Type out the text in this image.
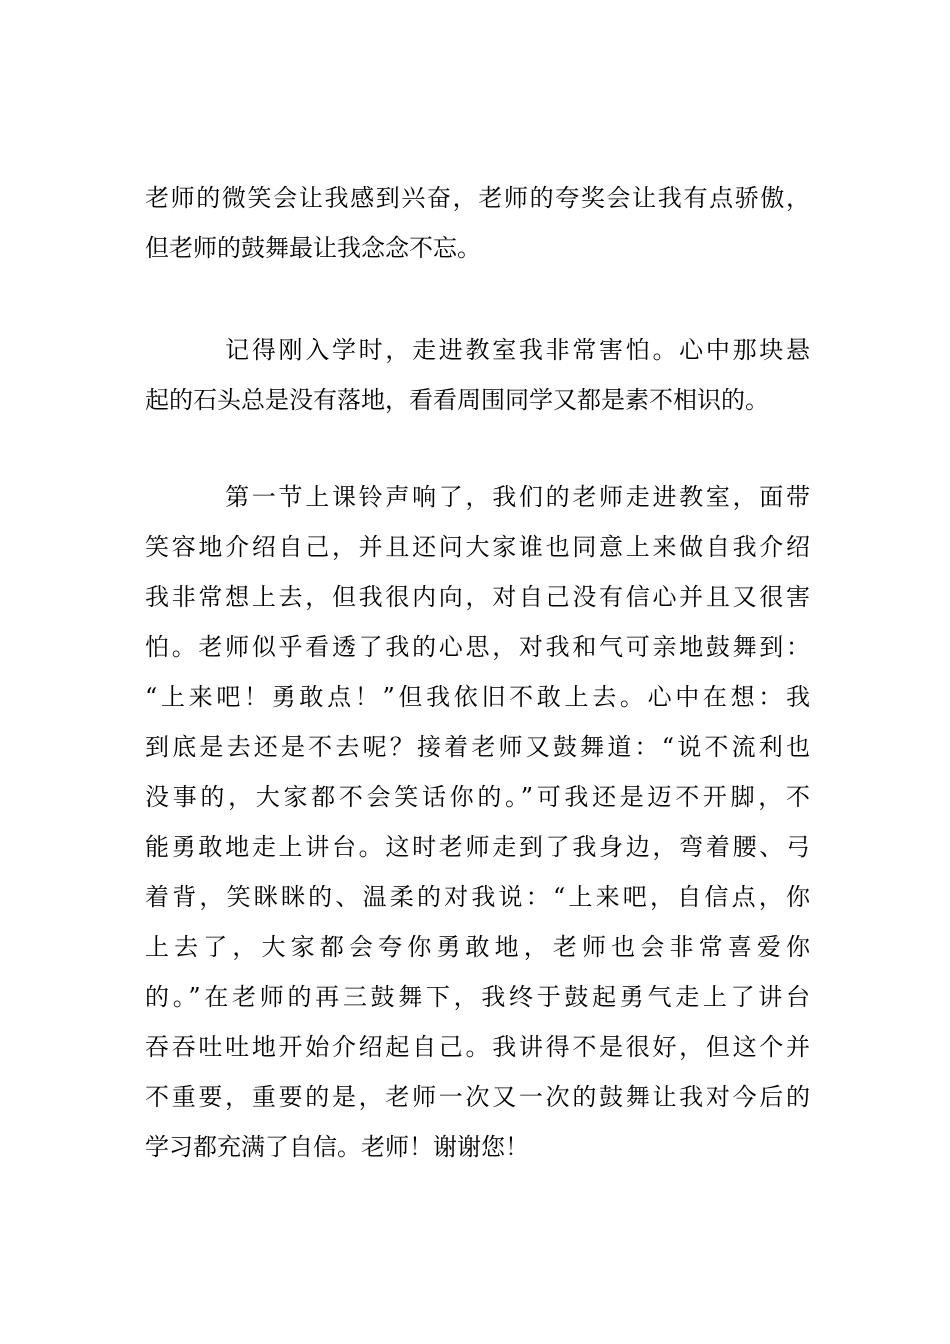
老师的微笑会让我感到兴奋，老师的夸奖会让我有点骄傲，

但老师的鼓舞最让我念念不忘。

　　　记得刚入学时，走进教室我非常害怕。心中那块悬

起的石头总是没有落地，看看周围同学又都是素不相识的。

　　　第一节上课铃声响了，我们的老师走进教室，面带

笑容地介绍自己，并且还问大家谁也同意上来做自我介绍

我非常想上去，但我很内向，对自己没有信心并且又很害

怕。老师似乎看透了我的心思，对我和气可亲地鼓舞到：

“上来吧！勇敢点！”但我依旧不敢上去。心中在想：我

到底是去还是不去呢？接着老师又鼓舞道：“说不流利也

没事的，大家都不会笑话你的。”可我还是迈不开脚，不

能勇敢地走上讲台。这时老师走到了我身边，弯着腰、弓

着背，笑眯眯的、温柔的对我说：“上来吧，自信点，你

上去了，大家都会夸你勇敢地，老师也会非常喜爱你

的。”在老师的再三鼓舞下，我终于鼓起勇气走上了讲台

吞吞吐吐地开始介绍起自己。我讲得不是很好，但这个并

不重要，重要的是，老师一次又一次的鼓舞让我对今后的

学习都充满了自信。老师！谢谢您！
